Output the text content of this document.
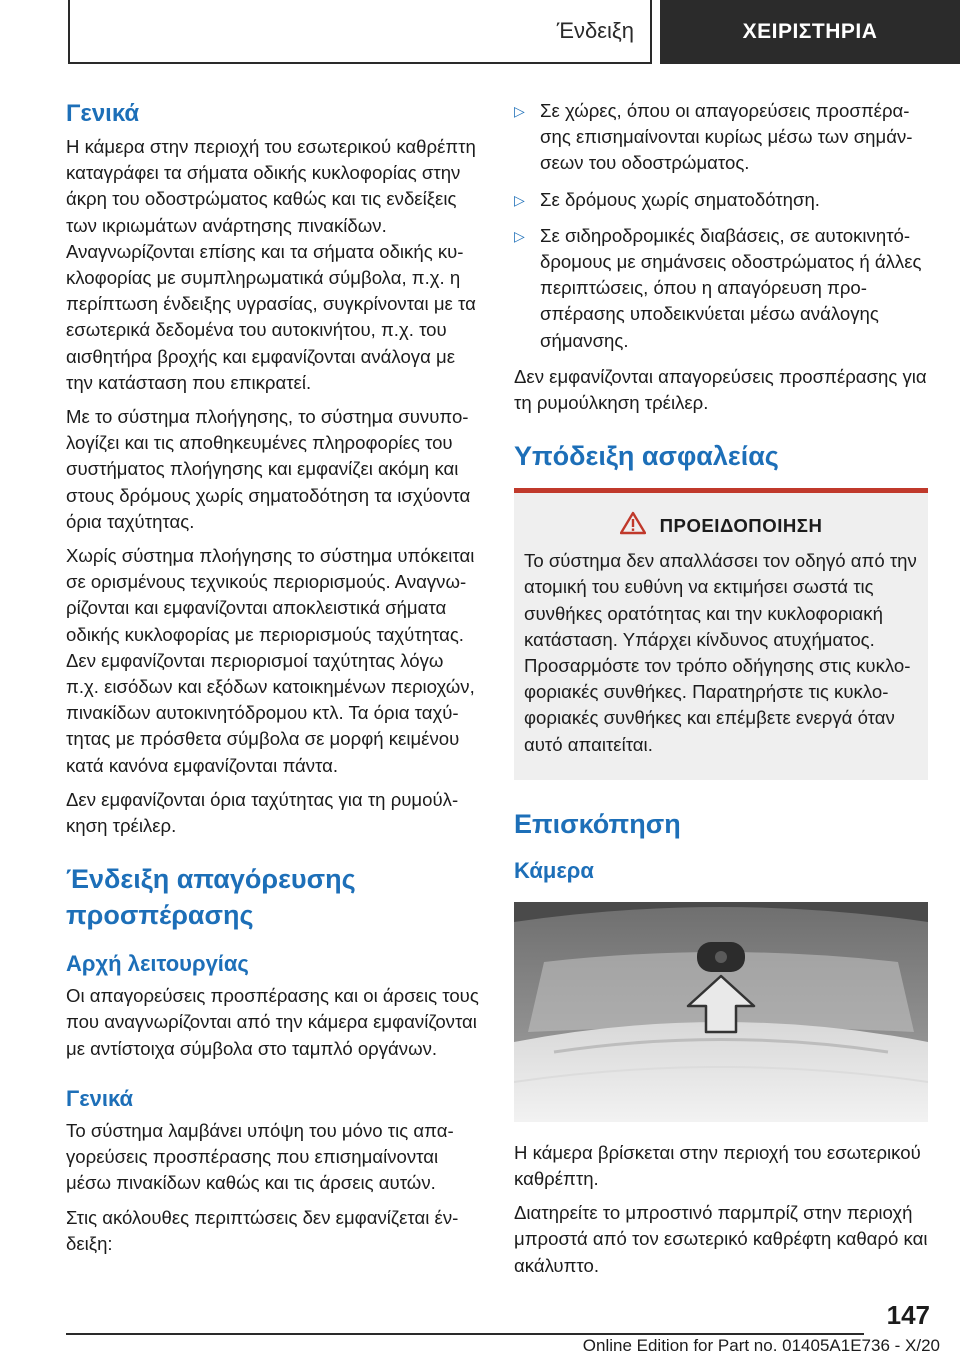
Ένδειξη	ΧΕΙΡΙΣΤΗΡΙΑ
Γενικά

Η κάμερα στην περιοχή του εσωτερικού καθρέπτη καταγράφει τα σήματα οδικής κυκλοφορίας στην άκρη του οδοστρώματος καθώς και τις ενδείξεις των ικριωμάτων ανάρτησης πινακίδων. Αναγνωρίζονται επίσης και τα σήματα οδικής κυκλοφορίας με συμπληρωματικά σύμβολα, π.χ. η περίπτωση ένδειξης υγρασίας, συγκρίνονται με τα εσωτερικά δεδομένα του αυτοκινήτου, π.χ. του αισθητήρα βροχής και εμφανίζονται ανάλογα με την κατάσταση που επικρατεί.

Με το σύστημα πλοήγησης, το σύστημα συνυπολογίζει και τις αποθηκευμένες πληροφορίες του συστήματος πλοήγησης και εμφανίζει ακόμη και στους δρόμους χωρίς σηματοδότηση τα ισχύοντα όρια ταχύτητας.

Χωρίς σύστημα πλοήγησης το σύστημα υπόκειται σε ορισμένους τεχνικούς περιορισμούς. Αναγνωρίζονται και εμφανίζονται αποκλειστικά σήματα οδικής κυκλοφορίας με περιορισμούς ταχύτητας. Δεν εμφανίζονται περιορισμοί ταχύτητας λόγω π.χ. εισόδων και εξόδων κατοικημένων περιοχών, πινακίδων αυτοκινητόδρομου κτλ. Τα όρια ταχύτητας με πρόσθετα σύμβολα σε μορφή κειμένου κατά κανόνα εμφανίζονται πάντα.

Δεν εμφανίζονται όρια ταχύτητας για τη ρυμούλκηση τρέιλερ.

Ένδειξη απαγόρευσης προσπέρασης
Αρχή λειτουργίας

Οι απαγορεύσεις προσπέρασης και οι άρσεις τους που αναγνωρίζονται από την κάμερα εμφανίζονται με αντίστοιχα σύμβολα στο ταμπλό οργάνων.

Γενικά

Το σύστημα λαμβάνει υπόψη του μόνο τις απαγορεύσεις προσπέρασης που επισημαίνονται μέσω πινακίδων καθώς και τις άρσεις αυτών.

Στις ακόλουθες περιπτώσεις δεν εμφανίζεται ένδειξη:

▷ Σε χώρες, όπου οι απαγορεύσεις προσπέρασης επισημαίνονται κυρίως μέσω των σημάνσεων του οδοστρώματος.
▷ Σε δρόμους χωρίς σηματοδότηση.
▷ Σε σιδηροδρομικές διαβάσεις, σε αυτοκινητόδρομους με σημάνσεις οδοστρώματος ή άλλες περιπτώσεις, όπου η απαγόρευση προσπέρασης υποδεικνύεται μέσω ανάλογης σήμανσης.

Δεν εμφανίζονται απαγορεύσεις προσπέρασης για τη ρυμούλκηση τρέιλερ.

Υπόδειξη ασφαλείας
ΠΡΟΕΙΔΟΠΟΙΗΣΗ

Το σύστημα δεν απαλλάσσει τον οδηγό από την ατομική του ευθύνη να εκτιμήσει σωστά τις συνθήκες ορατότητας και την κυκλοφοριακή κατάσταση. Υπάρχει κίνδυνος ατυχήματος. Προσαρμόστε τον τρόπο οδήγησης στις κυκλοφοριακές συνθήκες. Παρατηρήστε τις κυκλοφοριακές συνθήκες και επέμβετε ενεργά όταν αυτό απαιτείται.

Επισκόπηση
Κάμερα

Η κάμερα βρίσκεται στην περιοχή του εσωτερικού καθρέπτη.

Διατηρείτε το μπροστινό παρμπρίζ στην περιοχή μπροστά από τον εσωτερικό καθρέφτη καθαρό και ακάλυπτο.

147
Online Edition for Part no. 01405A1E736 - X/20
